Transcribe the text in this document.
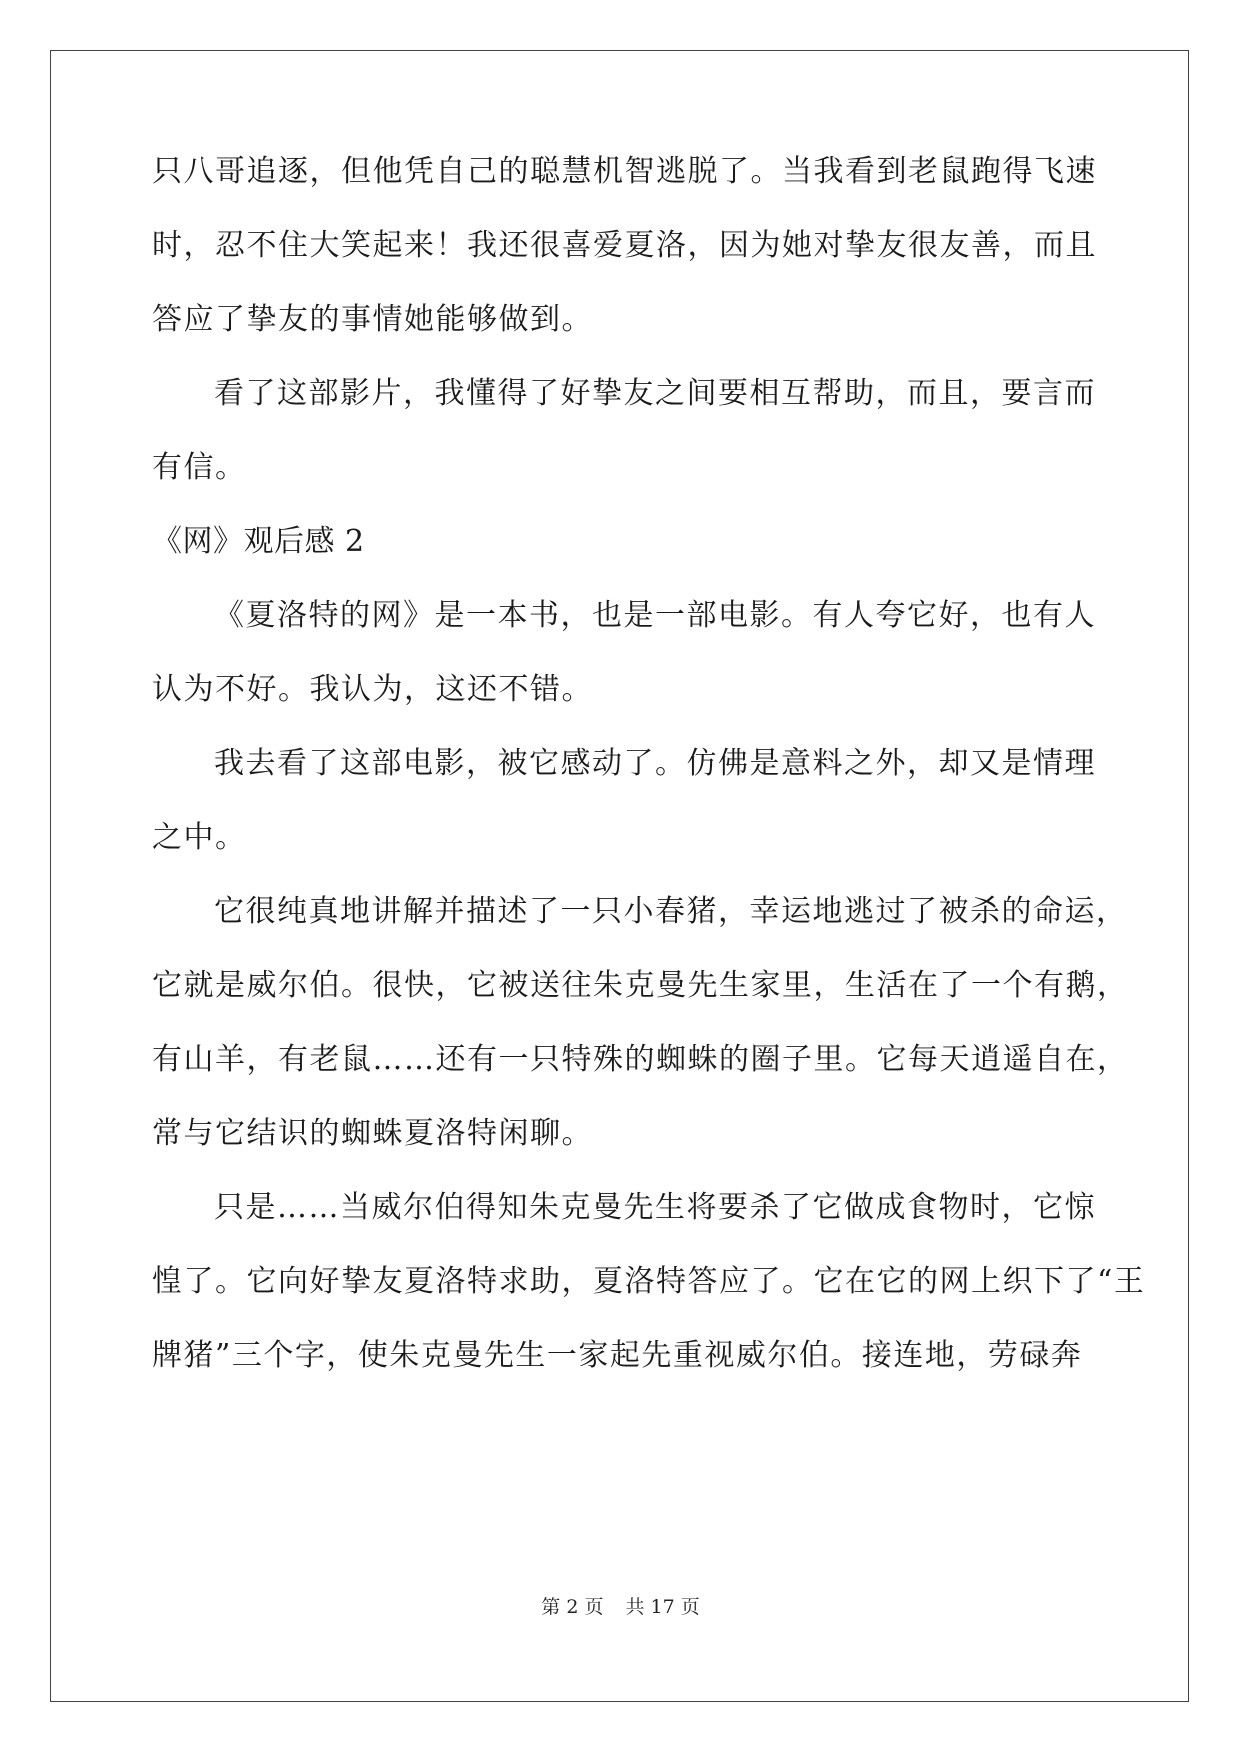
只八哥追逐，但他凭自己的聪慧机智逃脱了。当我看到老鼠跑得飞速
时，忍不住大笑起来！我还很喜爱夏洛，因为她对挚友很友善，而且
答应了挚友的事情她能够做到。
看了这部影片，我懂得了好挚友之间要相互帮助，而且，要言而
有信。
《网》观后感 2
《夏洛特的网》是一本书，也是一部电影。有人夸它好，也有人
认为不好。我认为，这还不错。
我去看了这部电影，被它感动了。仿佛是意料之外，却又是情理
之中。
它很纯真地讲解并描述了一只小春猪，幸运地逃过了被杀的命运，
它就是威尔伯。很快，它被送往朱克曼先生家里，生活在了一个有鹅，
有山羊，有老鼠……还有一只特殊的蜘蛛的圈子里。它每天逍遥自在，
常与它结识的蜘蛛夏洛特闲聊。
只是……当威尔伯得知朱克曼先生将要杀了它做成食物时，它惊
惶了。它向好挚友夏洛特求助，夏洛特答应了。它在它的网上织下了“王
牌猪”三个字，使朱克曼先生一家起先重视威尔伯。接连地，劳碌奔
第 2 页 共 17 页
